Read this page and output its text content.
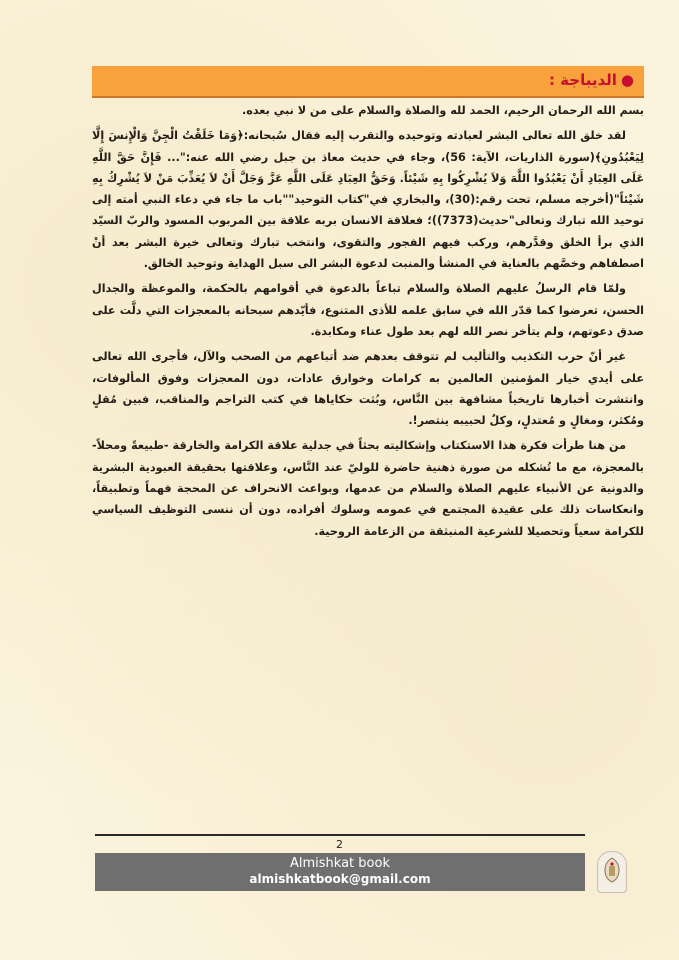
●الديباجة :

بسم الله الرحمان الرحيم، الحمد لله والصلاة والسلام على من لا نبي بعده.

لقد خلق الله تعالى البشر لعبادته وتوحيده والتقرب إليه فقال سُبحانه:﴿وَمَا خَلَقْتُ الْجِنَّ وَالْإِنسَ إِلَّا لِيَعْبُدُونِ﴾(سورة الذاريات، الآية: 56)، وجاء في حديث معاذ بن جبل رضي الله عنه:"... فَإِنَّ حَقَّ اللَّهِ عَلَى العِبَادِ أَنْ يَعْبُدُوا اللَّهَ وَلاَ يُشْرِكُوا بِهِ شَيْئاً. وَحَقُّ العِبَادِ عَلَى اللَّهِ عَزَّ وَجَلَّ أَنْ لاَ يُعَذِّبَ مَنْ لاَ يُشْرِكُ بِهِ شَيْئاً"(أخرجه مسلم، تحت رقم:(30)، والبخاري في"كتاب التوحيد""باب ما جاء في دعاء النبي أمته إلى توحيد الله تبارك وتعالى"حديث(7373))؛ فعلاقة الانسان بربه علاقة بين المربوب المسود والربّ السيّد الذي برأ الخلق وقدَّرهم، وركب فيهم الفجور والتقوى، وانتخب تبارك وتعالى خيرة البشر بعد أنْ اصطفاهم وخصَّهم بالعناية في المنشأ والمنبت لدعوة البشر الى سبل الهداية وتوحيد الخالق.

ولمّا قام الرسلُ عليهم الصلاة والسلام تباعاً بالدعوة في أقوامهم بالحكمة، والموعظة والجدال الحسن، تعرضوا كما قدّر الله في سابق علمه للأذى المتنوع، فأيّدهم سبحانه بالمعجزات التي دلَّت على صدق دعوتهم، ولم يتأخر نصر الله لهم بعد طول عناء ومكابدة.

غير أنّ حرب التكذيب والتأليب لم تتوقف بعدهم ضد أتباعهم من الصحب والآل، فأجرى الله تعالى على أيدي خيار المؤمنين العالمين به كرامات وخوارق عادات، دون المعجزات وفوق المألوفات، وانتشرت أخبارها تاريخياً مشافهة بين النَّاس، وبُثت حكاياها في كتب التراجم والمناقب، فبين مُقلٍ ومُكثر، ومغالٍ و مُعتدلٍ، وكلٌ لحبيبه ينتصر!.

من هنا طرأت فكرة هذا الاستكتاب وإشكاليته بحثاً في جدلية علاقة الكرامة والخارقة -طبيعةً ومحلاً- بالمعجزة، مع ما تُشكله من صورة ذهنية حاضرة للوليّ عند النَّاس، وعلاقتها بحقيقة العبودية البشرية والدونية عن الأنبياء عليهم الصلاة والسلام من عدمها، وبواعث الانحراف عن المحجة فهماً وتطبيقاً، وانعكاسات ذلك على عقيدة المجتمع في عمومه وسلوك أفراده، دون أن ننسى التوظيف السياسي للكرامة سعياً وتحصيلا للشرعية المنبثقة من الزعامة الروحية.

2
Almishkat book
almishkatbook@gmail.com
